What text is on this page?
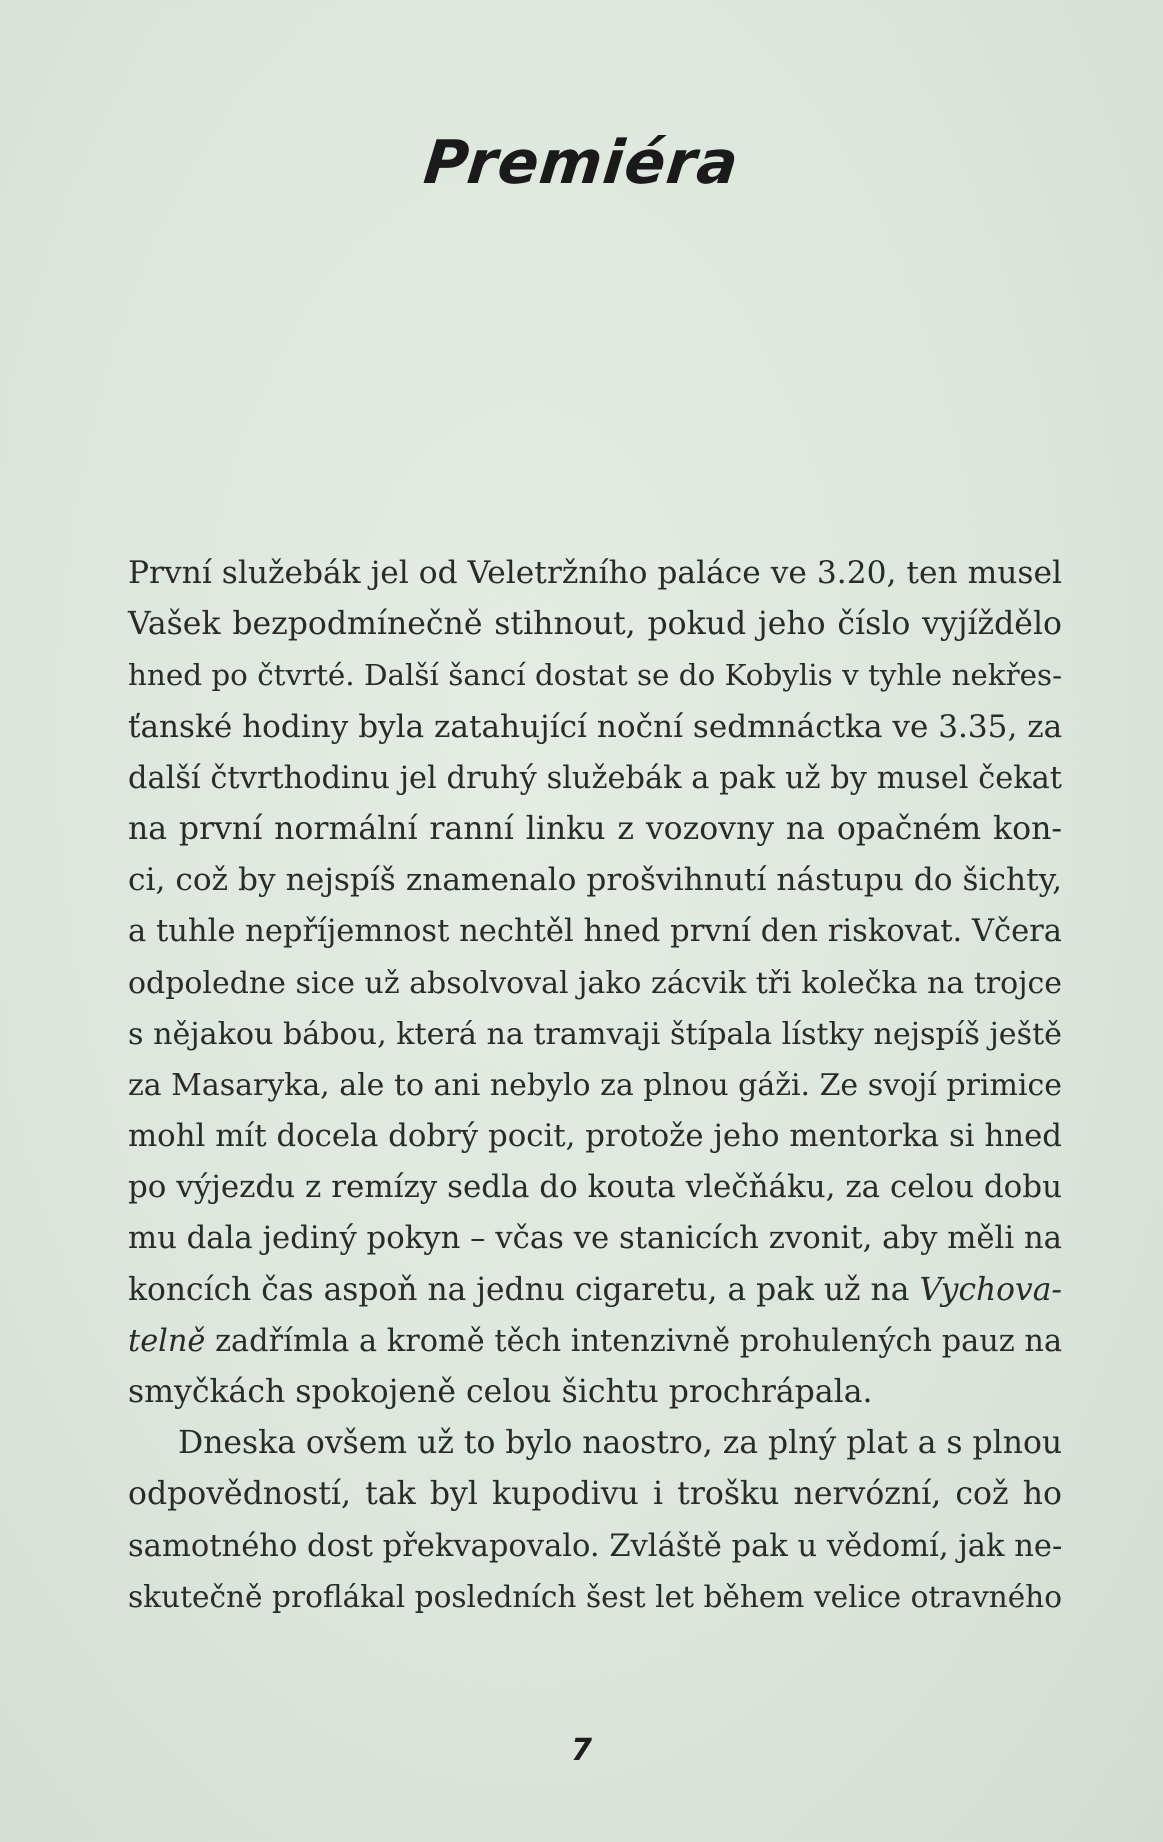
Premiéra
První služebák jel od Veletržního paláce ve 3.20, ten musel
Vašek bezpodmínečně stihnout, pokud jeho číslo vyjíždělo
hned po čtvrté. Další šancí dostat se do Kobylis v tyhle nekřes-
ťanské hodiny byla zatahující noční sedmnáctka ve 3.35, za
další čtvrthodinu jel druhý služebák a pak už by musel čekat
na první normální ranní linku z vozovny na opačném kon-
ci, což by nejspíš znamenalo prošvihnutí nástupu do šichty,
a tuhle nepříjemnost nechtěl hned první den riskovat. Včera
odpoledne sice už absolvoval jako zácvik tři kolečka na trojce
s nějakou bábou, která na tramvaji štípala lístky nejspíš ještě
za Masaryka, ale to ani nebylo za plnou gáži. Ze svojí primice
mohl mít docela dobrý pocit, protože jeho mentorka si hned
po výjezdu z remízy sedla do kouta vlečňáku, za celou dobu
mu dala jediný pokyn – včas ve stanicích zvonit, aby měli na
koncích čas aspoň na jednu cigaretu, a pak už na Vychova-
telně zadřímla a kromě těch intenzivně prohulených pauz na
smyčkách spokojeně celou šichtu prochrápala.
Dneska ovšem už to bylo naostro, za plný plat a s plnou
odpovědností, tak byl kupodivu i trošku nervózní, což ho
samotného dost překvapovalo. Zvláště pak u vědomí, jak ne-
skutečně proflákal posledních šest let během velice otravného
7
